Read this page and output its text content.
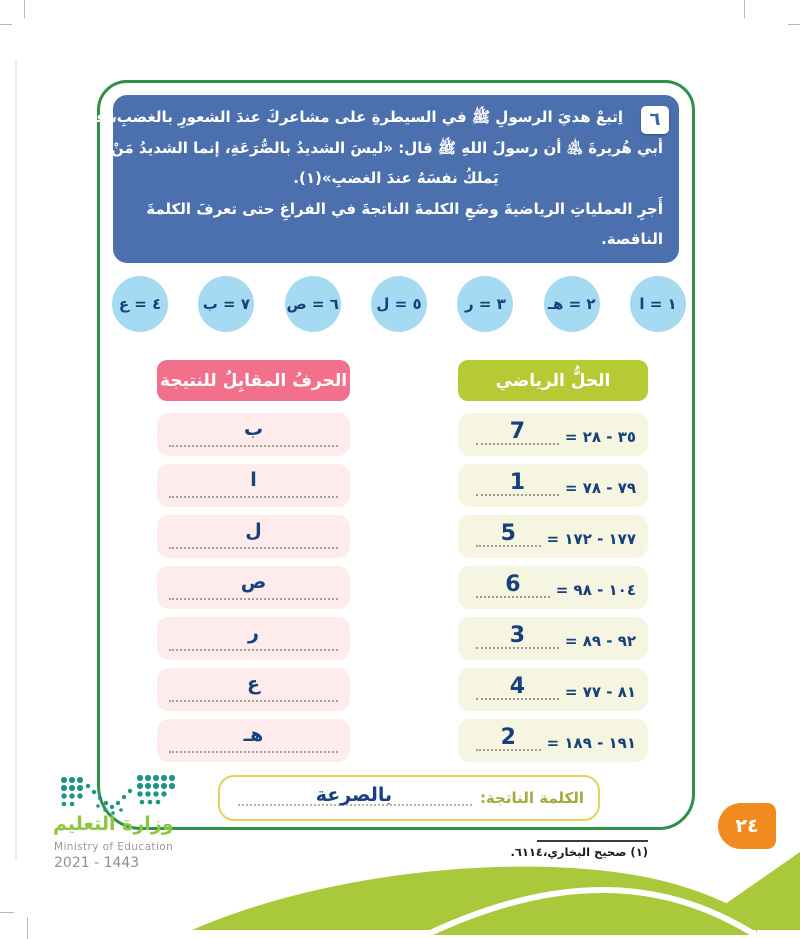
٦
اِتبعْ هديَ الرسولِ ﷺ في السيطرةِ على مشاعركَ عندَ الشعورِ بالغضبِ، فعن
أبي هُريرةَ ﵁ أن رسولَ اللهِ ﷺ قال: «ليسَ الشديدُ بالصُّرَعَةِ، إنما الشديدُ مَنْ
يَملكُ نفسَهُ عندَ الغضبِ»(١).
أَجرِ العملياتِ الرياضيةَ وضَعِ الكلمةَ الناتجةَ في الفراغِ حتى تعرفَ الكلمةَ
الناقصة.
١ = ا
٢ = هـ
٣ = ر
٥ = ل
٦ = ص
٧ = ب
٤ = ع
الحلُّ الرياضي
٣٥ - ٢٨ =
7
٧٩ - ٧٨ =
1
١٧٧ - ١٧٢ =
5
١٠٤ - ٩٨ =
6
٩٢ - ٨٩ =
3
٨١ - ٧٧ =
4
١٩١ - ١٨٩ =
2
الحرفُ المقابِلُ للنتيجة
ب
ا
ل
ص
ر
ع
هـ
الكلمة الناتجة:
بالصرعة
(١) صحيح البخاري،٦١١٤.
٢٤
وزارة التعليم
Ministry of Education
2021 - 1443
